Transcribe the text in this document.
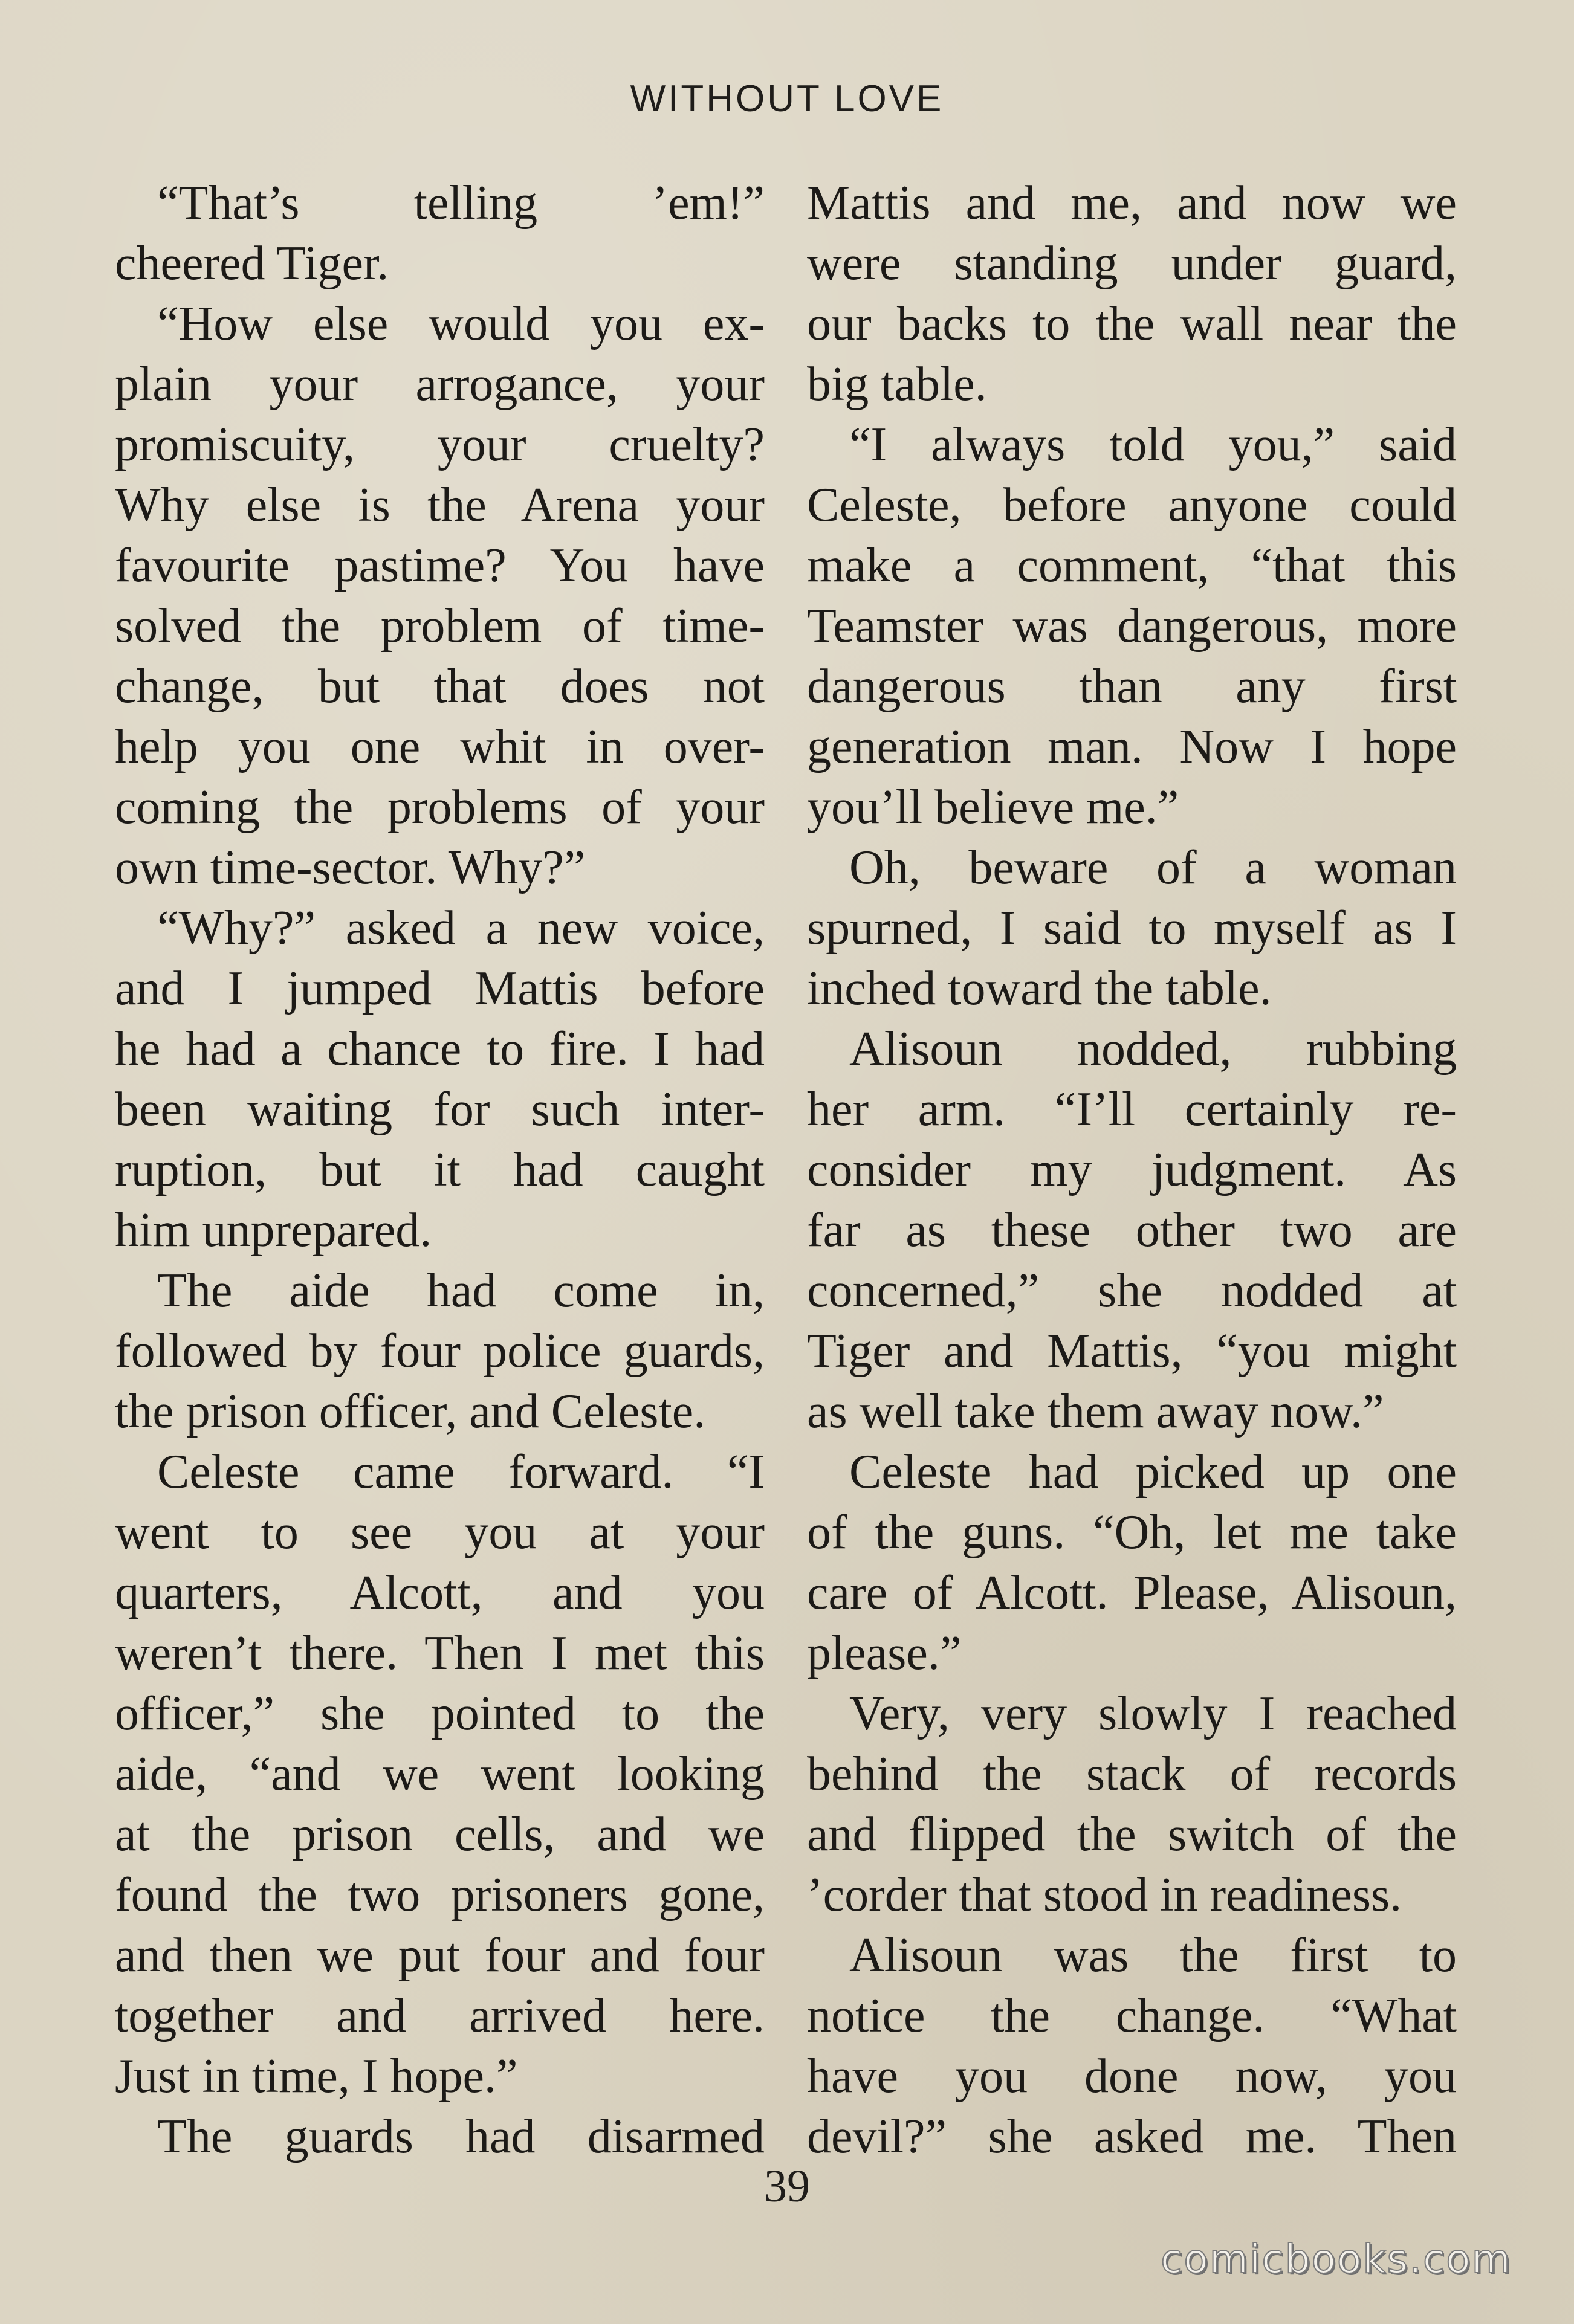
WITHOUT LOVE
“That’s telling ’em!”
cheered Tiger.
“How else would you ex-
plain your arrogance, your
promiscuity, your cruelty?
Why else is the Arena your
favourite pastime? You have
solved the problem of time-
change, but that does not
help you one whit in over-
coming the problems of your
own time-sector. Why?”
“Why?” asked a new voice,
and I jumped Mattis before
he had a chance to fire. I had
been waiting for such inter-
ruption, but it had caught
him unprepared.
The aide had come in,
followed by four police guards,
the prison officer, and Celeste.
Celeste came forward. “I
went to see you at your
quarters, Alcott, and you
weren’t there. Then I met this
officer,” she pointed to the
aide, “and we went looking
at the prison cells, and we
found the two prisoners gone,
and then we put four and four
together and arrived here.
Just in time, I hope.”
The guards had disarmed
Mattis and me, and now we
were standing under guard,
our backs to the wall near the
big table.
“I always told you,” said
Celeste, before anyone could
make a comment, “that this
Teamster was dangerous, more
dangerous than any first
generation man. Now I hope
you’ll believe me.”
Oh, beware of a woman
spurned, I said to myself as I
inched toward the table.
Alisoun nodded, rubbing
her arm. “I’ll certainly re-
consider my judgment. As
far as these other two are
concerned,” she nodded at
Tiger and Mattis, “you might
as well take them away now.”
Celeste had picked up one
of the guns. “Oh, let me take
care of Alcott. Please, Alisoun,
please.”
Very, very slowly I reached
behind the stack of records
and flipped the switch of the
’corder that stood in readiness.
Alisoun was the first to
notice the change. “What
have you done now, you
devil?” she asked me. Then
39
comicbooks.com
